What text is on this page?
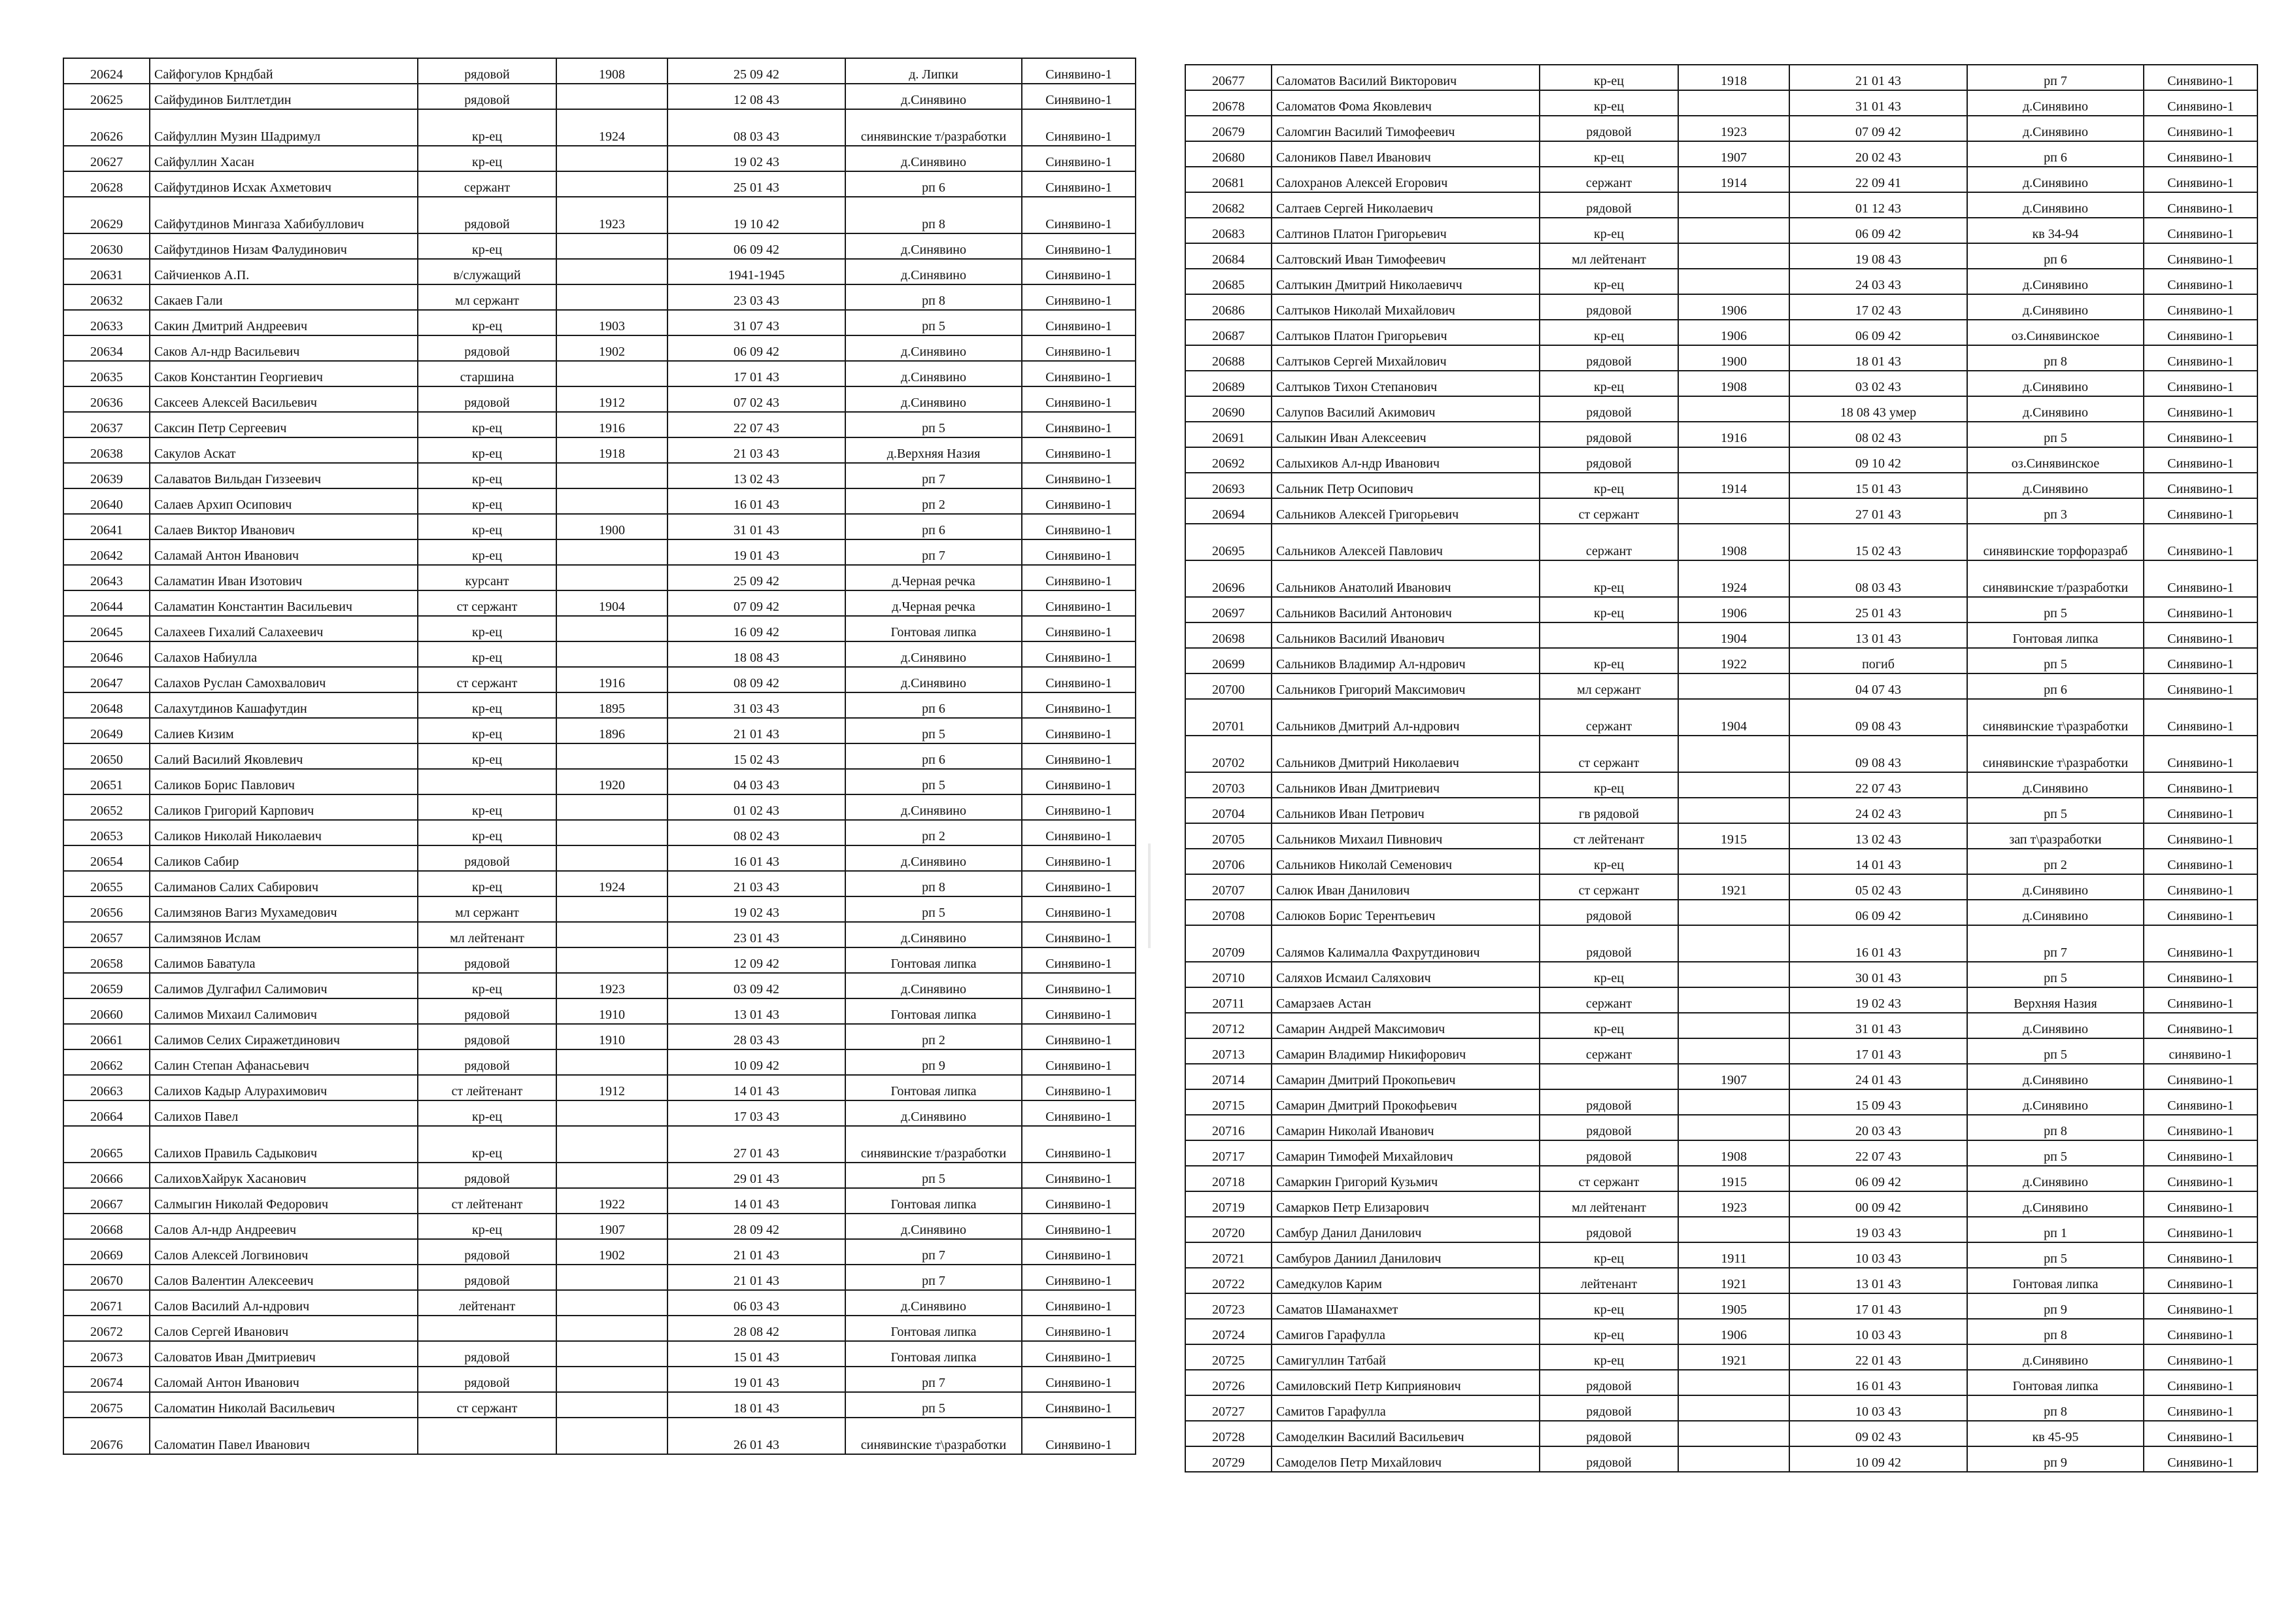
20624	Сайфогулов Крндбай	рядовой	1908	25 09 42	д. Липки	Синявино-1
20625	Сайфудинов Билтлетдин	рядовой		12 08 43	д.Синявино	Синявино-1
20626	Сайфуллин Музин Шадримул	кр-ец	1924	08 03 43	синявинские т/разработки	Синявино-1
20627	Сайфуллин Хасан	кр-ец		19 02 43	д.Синявино	Синявино-1
20628	Сайфутдинов Исхак Ахметович	сержант		25 01 43	рп 6	Синявино-1
20629	Сайфутдинов Мингаза Хабибуллович	рядовой	1923	19 10 42	рп 8	Синявино-1
20630	Сайфутдинов Низам Фалудинович	кр-ец		06 09 42	д.Синявино	Синявино-1
20631	Сайчиенков А.П.	в/служащий		1941-1945	д.Синявино	Синявино-1
20632	Сакаев Гали	мл сержант		23 03 43	рп 8	Синявино-1
20633	Сакин Дмитрий Андреевич	кр-ец	1903	31 07 43	рп 5	Синявино-1
20634	Саков Ал-ндр Васильевич	рядовой	1902	06 09 42	д.Синявино	Синявино-1
20635	Саков Константин Георгиевич	старшина		17 01 43	д.Синявино	Синявино-1
20636	Саксеев Алексей Васильевич	рядовой	1912	07 02 43	д.Синявино	Синявино-1
20637	Саксин Петр Сергеевич	кр-ец	1916	22 07 43	рп 5	Синявино-1
20638	Сакулов Аскат	кр-ец	1918	21 03 43	д.Верхняя Назия	Синявино-1
20639	Салаватов Вильдан Гиззеевич	кр-ец		13 02 43	рп 7	Синявино-1
20640	Салаев Архип Осипович	кр-ец		16 01 43	рп 2	Синявино-1
20641	Салаев Виктор Иванович	кр-ец	1900	31 01 43	рп 6	Синявино-1
20642	Саламай Антон Иванович	кр-ец		19 01 43	рп 7	Синявино-1
20643	Саламатин Иван Изотович	курсант		25 09 42	д.Черная речка	Синявино-1
20644	Саламатин Константин Васильевич	ст сержант	1904	07 09 42	д.Черная речка	Синявино-1
20645	Салахеев Гихалий Салахеевич	кр-ец		16 09 42	Гонтовая липка	Синявино-1
20646	Салахов Набиулла	кр-ец		18 08 43	д.Синявино	Синявино-1
20647	Салахов Руслан Самохвалович	ст сержант	1916	08 09 42	д.Синявино	Синявино-1
20648	Салахутдинов Кашафутдин	кр-ец	1895	31 03 43	рп 6	Синявино-1
20649	Салиев Кизим	кр-ец	1896	21 01 43	рп 5	Синявино-1
20650	Салий Василий Яковлевич	кр-ец		15 02 43	рп 6	Синявино-1
20651	Саликов Борис Павлович		1920	04 03 43	рп 5	Синявино-1
20652	Саликов Григорий Карпович	кр-ец		01 02 43	д.Синявино	Синявино-1
20653	Саликов Николай Николаевич	кр-ец		08 02 43	рп 2	Синявино-1
20654	Саликов Сабир	рядовой		16 01 43	д.Синявино	Синявино-1
20655	Салиманов Салих Сабирович	кр-ец	1924	21 03 43	рп 8	Синявино-1
20656	Салимзянов Вагиз Мухамедович	мл сержант		19 02 43	рп 5	Синявино-1
20657	Салимзянов Ислам	мл лейтенант		23 01 43	д.Синявино	Синявино-1
20658	Салимов Баватула	рядовой		12 09 42	Гонтовая липка	Синявино-1
20659	Салимов Дулгафил Салимович	кр-ец	1923	03 09 42	д.Синявино	Синявино-1
20660	Салимов Михаил Салимович	рядовой	1910	13 01 43	Гонтовая липка	Синявино-1
20661	Салимов Селих Сиражетдинович	рядовой	1910	28 03 43	рп 2	Синявино-1
20662	Салин Степан Афанасьевич	рядовой		10 09 42	рп 9	Синявино-1
20663	Салихов Кадыр Алурахимович	ст лейтенант	1912	14 01 43	Гонтовая липка	Синявино-1
20664	Салихов Павел	кр-ец		17 03 43	д.Синявино	Синявино-1
20665	Салихов Правиль Садыкович	кр-ец		27 01 43	синявинские т/разработки	Синявино-1
20666	СалиховХайрук Хасанович	рядовой		29 01 43	рп 5	Синявино-1
20667	Салмыгин Николай Федорович	ст лейтенант	1922	14 01 43	Гонтовая липка	Синявино-1
20668	Салов Ал-ндр Андреевич	кр-ец	1907	28 09 42	д.Синявино	Синявино-1
20669	Салов Алексей Логвинович	рядовой	1902	21 01 43	рп 7	Синявино-1
20670	Салов Валентин Алексеевич	рядовой		21 01 43	рп 7	Синявино-1
20671	Салов Василий Ал-ндрович	лейтенант		06 03 43	д.Синявино	Синявино-1
20672	Салов Сергей Иванович			28 08 42	Гонтовая липка	Синявино-1
20673	Саловатов Иван Дмитриевич	рядовой		15 01 43	Гонтовая липка	Синявино-1
20674	Саломай Антон Иванович	рядовой		19 01 43	рп 7	Синявино-1
20675	Саломатин Николай Васильевич	ст сержант		18 01 43	рп 5	Синявино-1
20676	Саломатин Павел Иванович			26 01 43	синявинские т\разработки	Синявино-1
20677	Саломатов Василий Викторович	кр-ец	1918	21 01 43	рп 7	Синявино-1
20678	Саломатов Фома Яковлевич	кр-ец		31 01 43	д.Синявино	Синявино-1
20679	Саломгин Василий Тимофеевич	рядовой	1923	07 09 42	д.Синявино	Синявино-1
20680	Салоников Павел Иванович	кр-ец	1907	20 02 43	рп 6	Синявино-1
20681	Салохранов Алексей Егорович	сержант	1914	22 09 41	д.Синявино	Синявино-1
20682	Салтаев Сергей Николаевич	рядовой		01 12 43	д.Синявино	Синявино-1
20683	Салтинов Платон Григорьевич	кр-ец		06 09 42	кв 34-94	Синявино-1
20684	Салтовский Иван Тимофеевич	мл лейтенант		19 08 43	рп 6	Синявино-1
20685	Салтыкин Дмитрий Николаевичч	кр-ец		24 03 43	д.Синявино	Синявино-1
20686	Салтыков Николай Михайлович	рядовой	1906	17 02 43	д.Синявино	Синявино-1
20687	Салтыков Платон Григорьевич	кр-ец	1906	06 09 42	оз.Синявинское	Синявино-1
20688	Салтыков Сергей Михайлович	рядовой	1900	18 01 43	рп 8	Синявино-1
20689	Салтыков Тихон Степанович	кр-ец	1908	03 02 43	д.Синявино	Синявино-1
20690	Салупов Василий Акимович	рядовой		18 08 43 умер	д.Синявино	Синявино-1
20691	Салыкин Иван Алексеевич	рядовой	1916	08 02 43	рп 5	Синявино-1
20692	Салыхиков Ал-ндр Иванович	рядовой		09 10 42	оз.Синявинское	Синявино-1
20693	Сальник Петр Осипович	кр-ец	1914	15 01 43	д.Синявино	Синявино-1
20694	Сальников Алексей Григорьевич	ст сержант		27 01 43	рп 3	Синявино-1
20695	Сальников Алексей Павлович	сержант	1908	15 02 43	синявинские торфоразраб	Синявино-1
20696	Сальников Анатолий Иванович	кр-ец	1924	08 03 43	синявинские т/разработки	Синявино-1
20697	Сальников Василий Антонович	кр-ец	1906	25 01 43	рп 5	Синявино-1
20698	Сальников Василий Иванович		1904	13 01 43	Гонтовая липка	Синявино-1
20699	Сальников Владимир Ал-ндрович	кр-ец	1922	погиб	рп 5	Синявино-1
20700	Сальников Григорий Максимович	мл сержант		04 07 43	рп 6	Синявино-1
20701	Сальников Дмитрий Ал-ндрович	сержант	1904	09 08 43	синявинские т\разработки	Синявино-1
20702	Сальников Дмитрий Николаевич	ст сержант		09 08 43	синявинские т\разработки	Синявино-1
20703	Сальников Иван Дмитриевич	кр-ец		22 07 43	д.Синявино	Синявино-1
20704	Сальников Иван Петрович	гв рядовой		24 02 43	рп 5	Синявино-1
20705	Сальников Михаил Пивнович	ст лейтенант	1915	13 02 43	зап т\разработки	Синявино-1
20706	Сальников Николай Семенович	кр-ец		14 01 43	рп 2	Синявино-1
20707	Салюк Иван Данилович	ст сержант	1921	05 02 43	д.Синявино	Синявино-1
20708	Салюков Борис Терентьевич	рядовой		06 09 42	д.Синявино	Синявино-1
20709	Салямов Калималла Фахрутдинович	рядовой		16 01 43	рп 7	Синявино-1
20710	Саляхов Исмаил Саляхович	кр-ец		30 01 43	рп 5	Синявино-1
20711	Самарзаев Астан	сержант		19 02 43	Верхняя Назия	Синявино-1
20712	Самарин Андрей Максимович	кр-ец		31 01 43	д.Синявино	Синявино-1
20713	Самарин Владимир Никифорович	сержант		17 01 43	рп 5	синявино-1
20714	Самарин Дмитрий Прокопьевич		1907	24 01 43	д.Синявино	Синявино-1
20715	Самарин Дмитрий Прокофьевич	рядовой		15 09 43	д.Синявино	Синявино-1
20716	Самарин Николай Иванович	рядовой		20 03 43	рп 8	Синявино-1
20717	Самарин Тимофей Михайлович	рядовой	1908	22 07 43	рп 5	Синявино-1
20718	Самаркин Григорий Кузьмич	ст сержант	1915	06 09 42	д.Синявино	Синявино-1
20719	Самарков Петр Елизарович	мл лейтенант	1923	00 09 42	д.Синявино	Синявино-1
20720	Самбур Данил Данилович	рядовой		19 03 43	рп 1	Синявино-1
20721	Самбуров Даниил Данилович	кр-ец	1911	10 03 43	рп 5	Синявино-1
20722	Самедкулов Карим	лейтенант	1921	13 01 43	Гонтовая липка	Синявино-1
20723	Саматов Шаманахмет	кр-ец	1905	17 01 43	рп 9	Синявино-1
20724	Самигов Гарафулла	кр-ец	1906	10 03 43	рп 8	Синявино-1
20725	Самигуллин Татбай	кр-ец	1921	22 01 43	д.Синявино	Синявино-1
20726	Самиловский Петр Киприянович	рядовой		16 01 43	Гонтовая липка	Синявино-1
20727	Самитов Гарафулла	рядовой		10 03 43	рп 8	Синявино-1
20728	Самоделкин Василий Васильевич	рядовой		09 02 43	кв 45-95	Синявино-1
20729	Самоделов Петр Михайлович	рядовой		10 09 42	рп 9	Синявино-1
